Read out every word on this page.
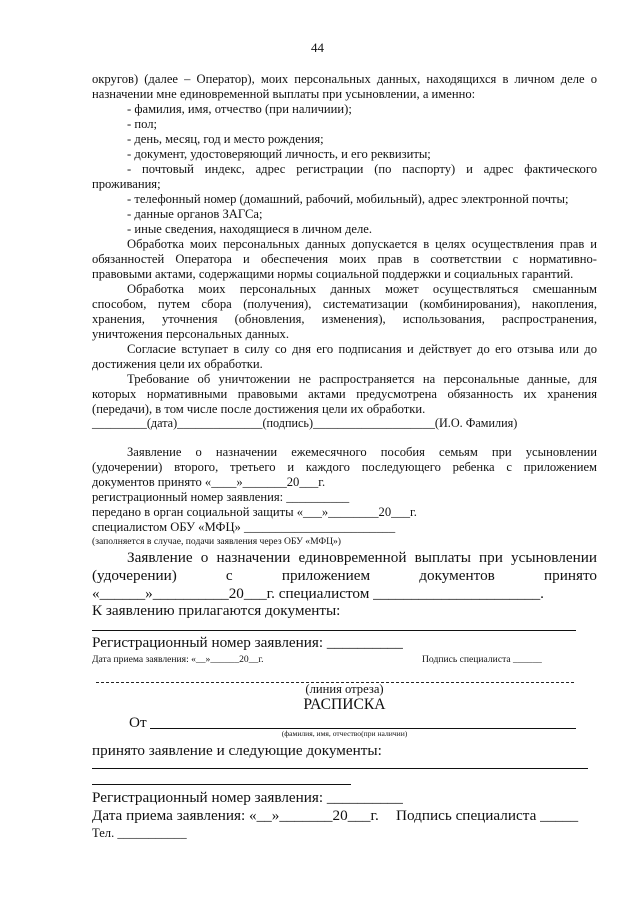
44
округов) (далее – Оператор), моих персональных данных, находящихся в личном деле о
назначении мне единовременной выплаты при усыновлении, а именно:
- фамилия, имя, отчество (при наличиии);
- пол;
- день, месяц, год и место рождения;
- документ, удостоверяющий личность, и его реквизиты;
- почтовый индекс, адрес регистрации (по паспорту) и адрес фактического
проживания;
- телефонный номер (домашний, рабочий, мобильный), адрес электронной почты;
- данные органов ЗАГСа;
- иные сведения, находящиеся в личном деле.
Обработка моих персональных данных допускается в целях осуществления прав и
обязанностей Оператора и обеспечения моих прав в соответствии с нормативно-
правовыми актами, содержащими нормы социальной поддержки и социальных гарантий.
Обработка моих персональных данных может осуществляться смешанным
способом, путем сбора (получения), систематизации (комбинирования), накопления,
хранения, уточнения (обновления, изменения), использования, распространения,
уничтожения персональных данных.
Согласие вступает в силу со дня его подписания и действует до его отзыва или до
достижения цели их обработки.
Требование об уничтожении не распространяется на персональные данные, для
которых нормативными правовыми актами предусмотрена обязанность их хранения
(передачи), в том числе после достижения цели их обработки.
_________(дата)______________(подпись)____________________(И.О. Фамилия)
Заявление о назначении ежемесячного пособия семьям при усыновлении
(удочерении) второго, третьего и каждого последующего ребенка с приложением
документов принято «____»_______20___г.
регистрационный номер заявления: __________
передано в орган социальной защиты «___»________20___г.
специалистом ОБУ «МФЦ» ________________________
(заполняется в случае, подачи заявления через ОБУ «МФЦ»)
Заявление о назначении единовременной выплаты при усыновлении
(удочерении) с приложением документов принято
«______»__________20___г. специалистом ______________________.
К заявлению прилагаются документы:
Регистрационный номер заявления: __________
Дата приема заявления: «__»______20__г.	Подпись специалиста ______
(линия отреза)
РАСПИСКА
От
(фамилия, имя, отчество(при наличии)
принято заявление и следующие документы:
Регистрационный номер заявления: __________
Дата приема заявления: «__»_______20___г. Подпись специалиста _____
Тел. ___________
